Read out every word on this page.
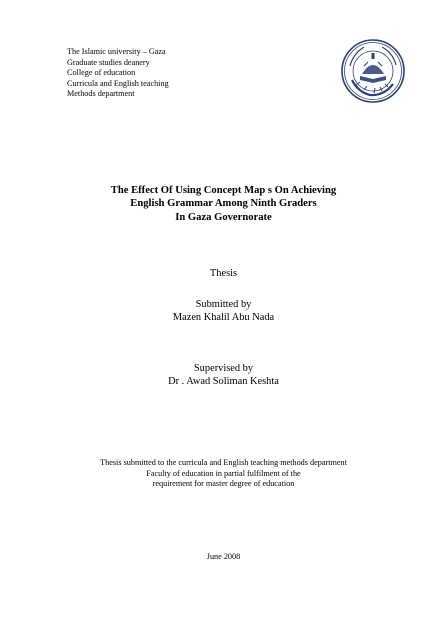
The Islamic university – Gaza
Graduate studies deanery
College of education
Curricula and English teaching
Methods department
The Effect Of Using Concept Map s On Achieving
English Grammar Among Ninth Graders
In Gaza Governorate
Thesis
Submitted by
Mazen Khalil Abu Nada
Supervised by
Dr . Awad Soliman Keshta
Thesis submitted to the curricula and English teaching methods department
Faculty of education in partial fulfilment of the
requirement for master degree of education
June 2008
